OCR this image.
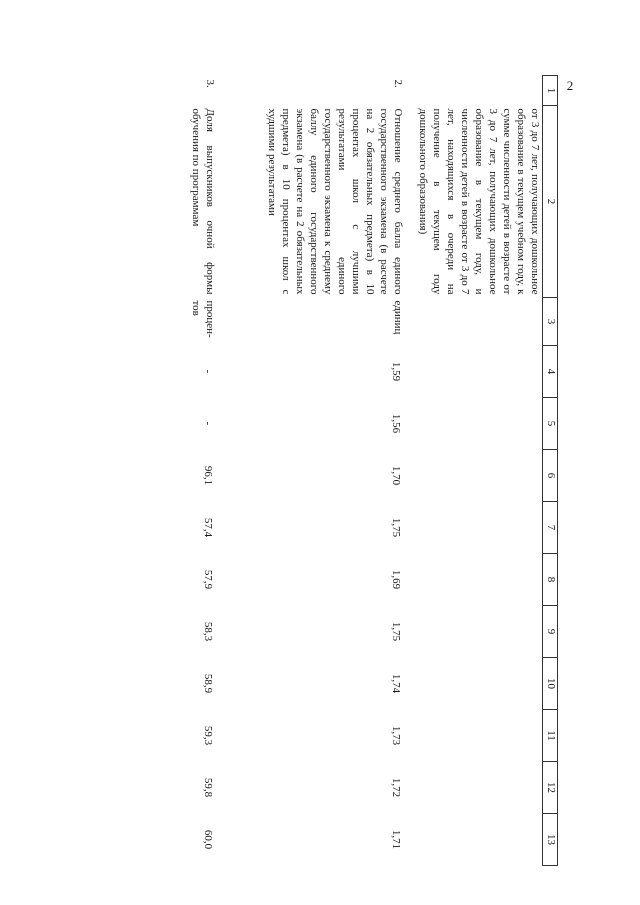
2
1	2	3	4	5	6	7	8	9	10	11	12	13
	от 3 до 7 лет, получающих дошкольное образование в текущем учебном году, к сумме численности детей в возрасте от 3 до 7 лет, получающих дошкольное образование в текущем году, и численности детей в возрасте от 3 до 7 лет, находящихся в очереди на получение в текущем году дошкольного образования)											
2.	Отношение среднего балла единого государственного экзамена (в расчете на 2 обязательных предмета) в 10 процентах школ с лучшими результатами единого государственного экзамена к среднему баллу единого государственного экзамена (в расчете на 2 обязательных предмета) в 10 процентах школ с худшими результатами	единиц	1,59	1,56	1,70	1,75	1,69	1,75	1,74	1,73	1,72	1,71
3.	Доля выпускников очной формы обучения по программам	процен-тов	-	-	96,1	57,4	57,9	58,3	58,9	59,3	59,8	60,0
